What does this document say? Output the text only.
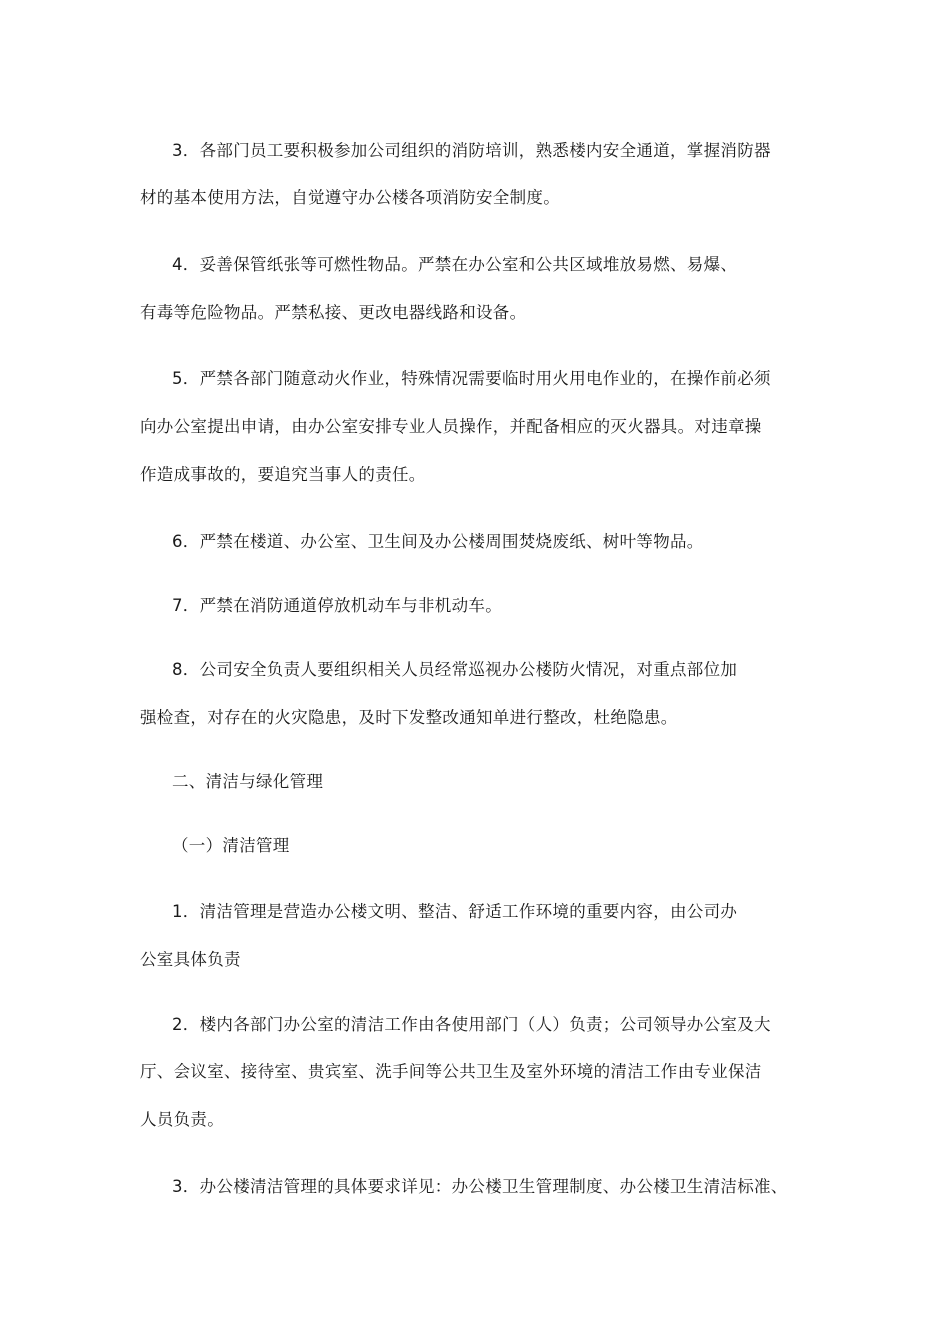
3．各部门员工要积极参加公司组织的消防培训，熟悉楼内安全通道，掌握消防器
材的基本使用方法，自觉遵守办公楼各项消防安全制度。
4．妥善保管纸张等可燃性物品。严禁在办公室和公共区域堆放易燃、易爆、
有毒等危险物品。严禁私接、更改电器线路和设备。
5．严禁各部门随意动火作业，特殊情况需要临时用火用电作业的，在操作前必须
向办公室提出申请，由办公室安排专业人员操作，并配备相应的灭火器具。对违章操
作造成事故的，要追究当事人的责任。
6．严禁在楼道、办公室、卫生间及办公楼周围焚烧废纸、树叶等物品。
7．严禁在消防通道停放机动车与非机动车。
8．公司安全负责人要组织相关人员经常巡视办公楼防火情况，对重点部位加
强检查，对存在的火灾隐患，及时下发整改通知单进行整改，杜绝隐患。
二、清洁与绿化管理
（一）清洁管理
1．清洁管理是营造办公楼文明、整洁、舒适工作环境的重要内容，由公司办
公室具体负责
2．楼内各部门办公室的清洁工作由各使用部门（人）负责；公司领导办公室及大
厅、会议室、接待室、贵宾室、洗手间等公共卫生及室外环境的清洁工作由专业保洁
人员负责。
3．办公楼清洁管理的具体要求详见：办公楼卫生管理制度、办公楼卫生清洁标准、
